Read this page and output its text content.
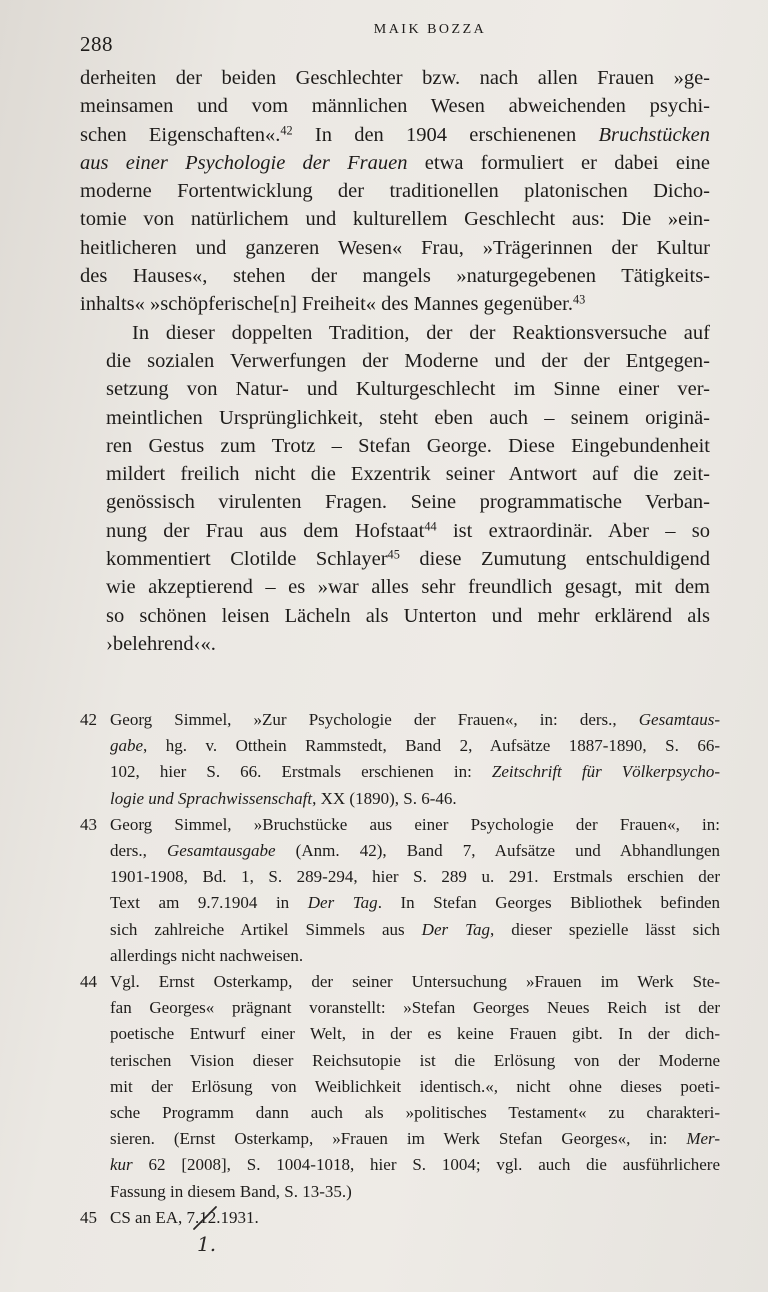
288
MAIK BOZZA

derheiten der beiden Geschlechter bzw. nach allen Frauen »ge-
meinsamen und vom männlichen Wesen abweichenden psychi-
schen Eigenschaften«.$^{42}$ In den 1904 erschienenen Bruchstücken
aus einer Psychologie der Frauen etwa formuliert er dabei eine
moderne Fortentwicklung der traditionellen platonischen Dicho-
tomie von natürlichem und kulturellem Geschlecht aus: Die »ein-
heitlicheren und ganzeren Wesen« Frau, »Trägerinnen der Kultur
des Hauses«, stehen der mangels »naturgegebenen Tätigkeits-
inhalts« »schöpferische[n] Freiheit« des Mannes gegenüber.$^{43}$

In dieser doppelten Tradition, der der Reaktionsversuche auf
die sozialen Verwerfungen der Moderne und der der Entgegen-
setzung von Natur- und Kulturgeschlecht im Sinne einer ver-
meintlichen Ursprünglichkeit, steht eben auch – seinem originä-
ren Gestus zum Trotz – Stefan George. Diese Eingebundenheit
mildert freilich nicht die Exzentrik seiner Antwort auf die zeit-
genössisch virulenten Fragen. Seine programmatische Verban-
nung der Frau aus dem Hofstaat$^{44}$ ist extraordinär. Aber – so
kommentiert Clotilde Schlayer$^{45}$ diese Zumutung entschuldigend
wie akzeptierend – es »war alles sehr freundlich gesagt, mit dem
so schönen leisen Lächeln als Unterton und mehr erklärend als
›belehrend‹«.

42 Georg Simmel, »Zur Psychologie der Frauen«, in: ders., Gesamtaus-
gabe, hg. v. Otthein Rammstedt, Band 2, Aufsätze 1887-1890, S. 66-
102, hier S. 66. Erstmals erschienen in: Zeitschrift für Völkerpsycho-
logie und Sprachwissenschaft, XX (1890), S. 6-46.
43 Georg Simmel, »Bruchstücke aus einer Psychologie der Frauen«, in:
ders., Gesamtausgabe (Anm. 42), Band 7, Aufsätze und Abhandlungen
1901-1908, Bd. 1, S. 289-294, hier S. 289 u. 291. Erstmals erschien der
Text am 9.7.1904 in Der Tag. In Stefan Georges Bibliothek befinden
sich zahlreiche Artikel Simmels aus Der Tag, dieser spezielle lässt sich
allerdings nicht nachweisen.
44 Vgl. Ernst Osterkamp, der seiner Untersuchung »Frauen im Werk Ste-
fan Georges« prägnant voranstellt: »Stefan Georges Neues Reich ist der
poetische Entwurf einer Welt, in der es keine Frauen gibt. In der dich-
terischen Vision dieser Reichsutopie ist die Erlösung von der Moderne
mit der Erlösung von Weiblichkeit identisch.«, nicht ohne dieses poeti-
sche Programm dann auch als »politisches Testament« zu charakteri-
sieren. (Ernst Osterkamp, »Frauen im Werk Stefan Georges«, in: Mer-
kur 62 [2008], S. 1004-1018, hier S. 1004; vgl. auch die ausführlichere
Fassung in diesem Band, S. 13-35.)
45 CS an EA, 7.12.1931.
1.
